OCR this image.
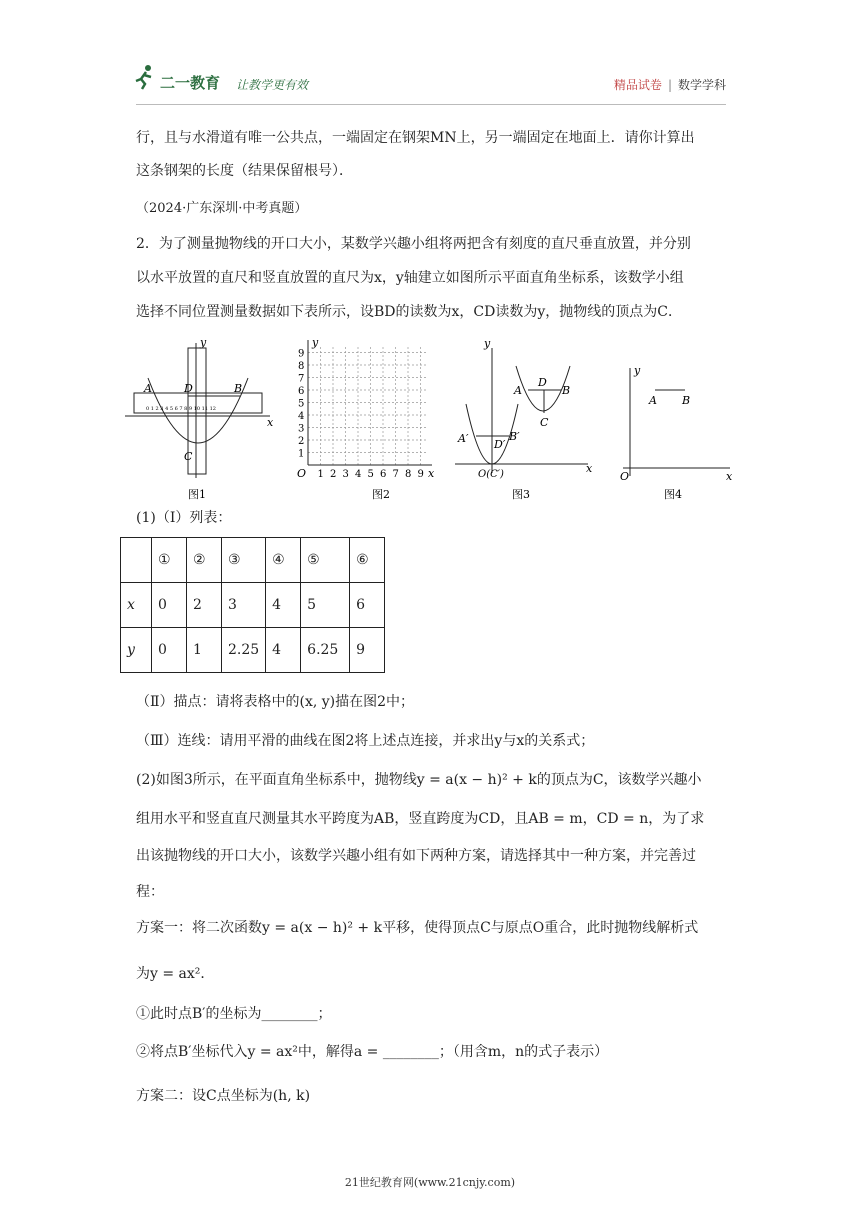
二一教育 让教学更有效	精品试卷 | 数学学科
行，且与水滑道有唯一公共点，一端固定在钢架MN上，另一端固定在地面上．请你计算出
这条钢架的长度（结果保留根号）．
（2024·广东深圳·中考真题）
2．为了测量抛物线的开口大小，某数学兴趣小组将两把含有刻度的直尺垂直放置，并分别
以水平放置的直尺和竖直放置的直尺为x，y轴建立如图所示平面直角坐标系，该数学小组
选择不同位置测量数据如下表所示，设BD的读数为x，CD读数为y，抛物线的顶点为C．
A	B
D
C
x
y
0 1 2 3 4 5 6 7 8 9 10 11 12
图1
O	x
y
1 2 3 4 5 6 7 8 9
1
2
3
4
5
6
7
8
9
图2
y
x
A	B
D
C
A′	B′
D′
O(C′)
图3
y
x
A B
O
图4
(1)（Ⅰ）列表：
	①	②	③	④	⑤	⑥
x	0	2	3	4	5	6
y	0	1	2.25	4	6.25	9
（Ⅱ）描点：请将表格中的(x, y)描在图2中；
（Ⅲ）连线：请用平滑的曲线在图2将上述点连接，并求出y与x的关系式；
(2)如图3所示，在平面直角坐标系中，抛物线y = a(x − h)² + k的顶点为C，该数学兴趣小
组用水平和竖直直尺测量其水平跨度为AB，竖直跨度为CD，且AB = m，CD = n，为了求
出该抛物线的开口大小，该数学兴趣小组有如下两种方案，请选择其中一种方案，并完善过
程：
方案一：将二次函数y = a(x − h)² + k平移，使得顶点C与原点O重合，此时抛物线解析式
为y = ax²．
①此时点B′的坐标为________；
②将点B′坐标代入y = ax²中，解得a = ________；（用含m，n的式子表示）
方案二：设C点坐标为(h, k)
21世纪教育网(www.21cnjy.com)
